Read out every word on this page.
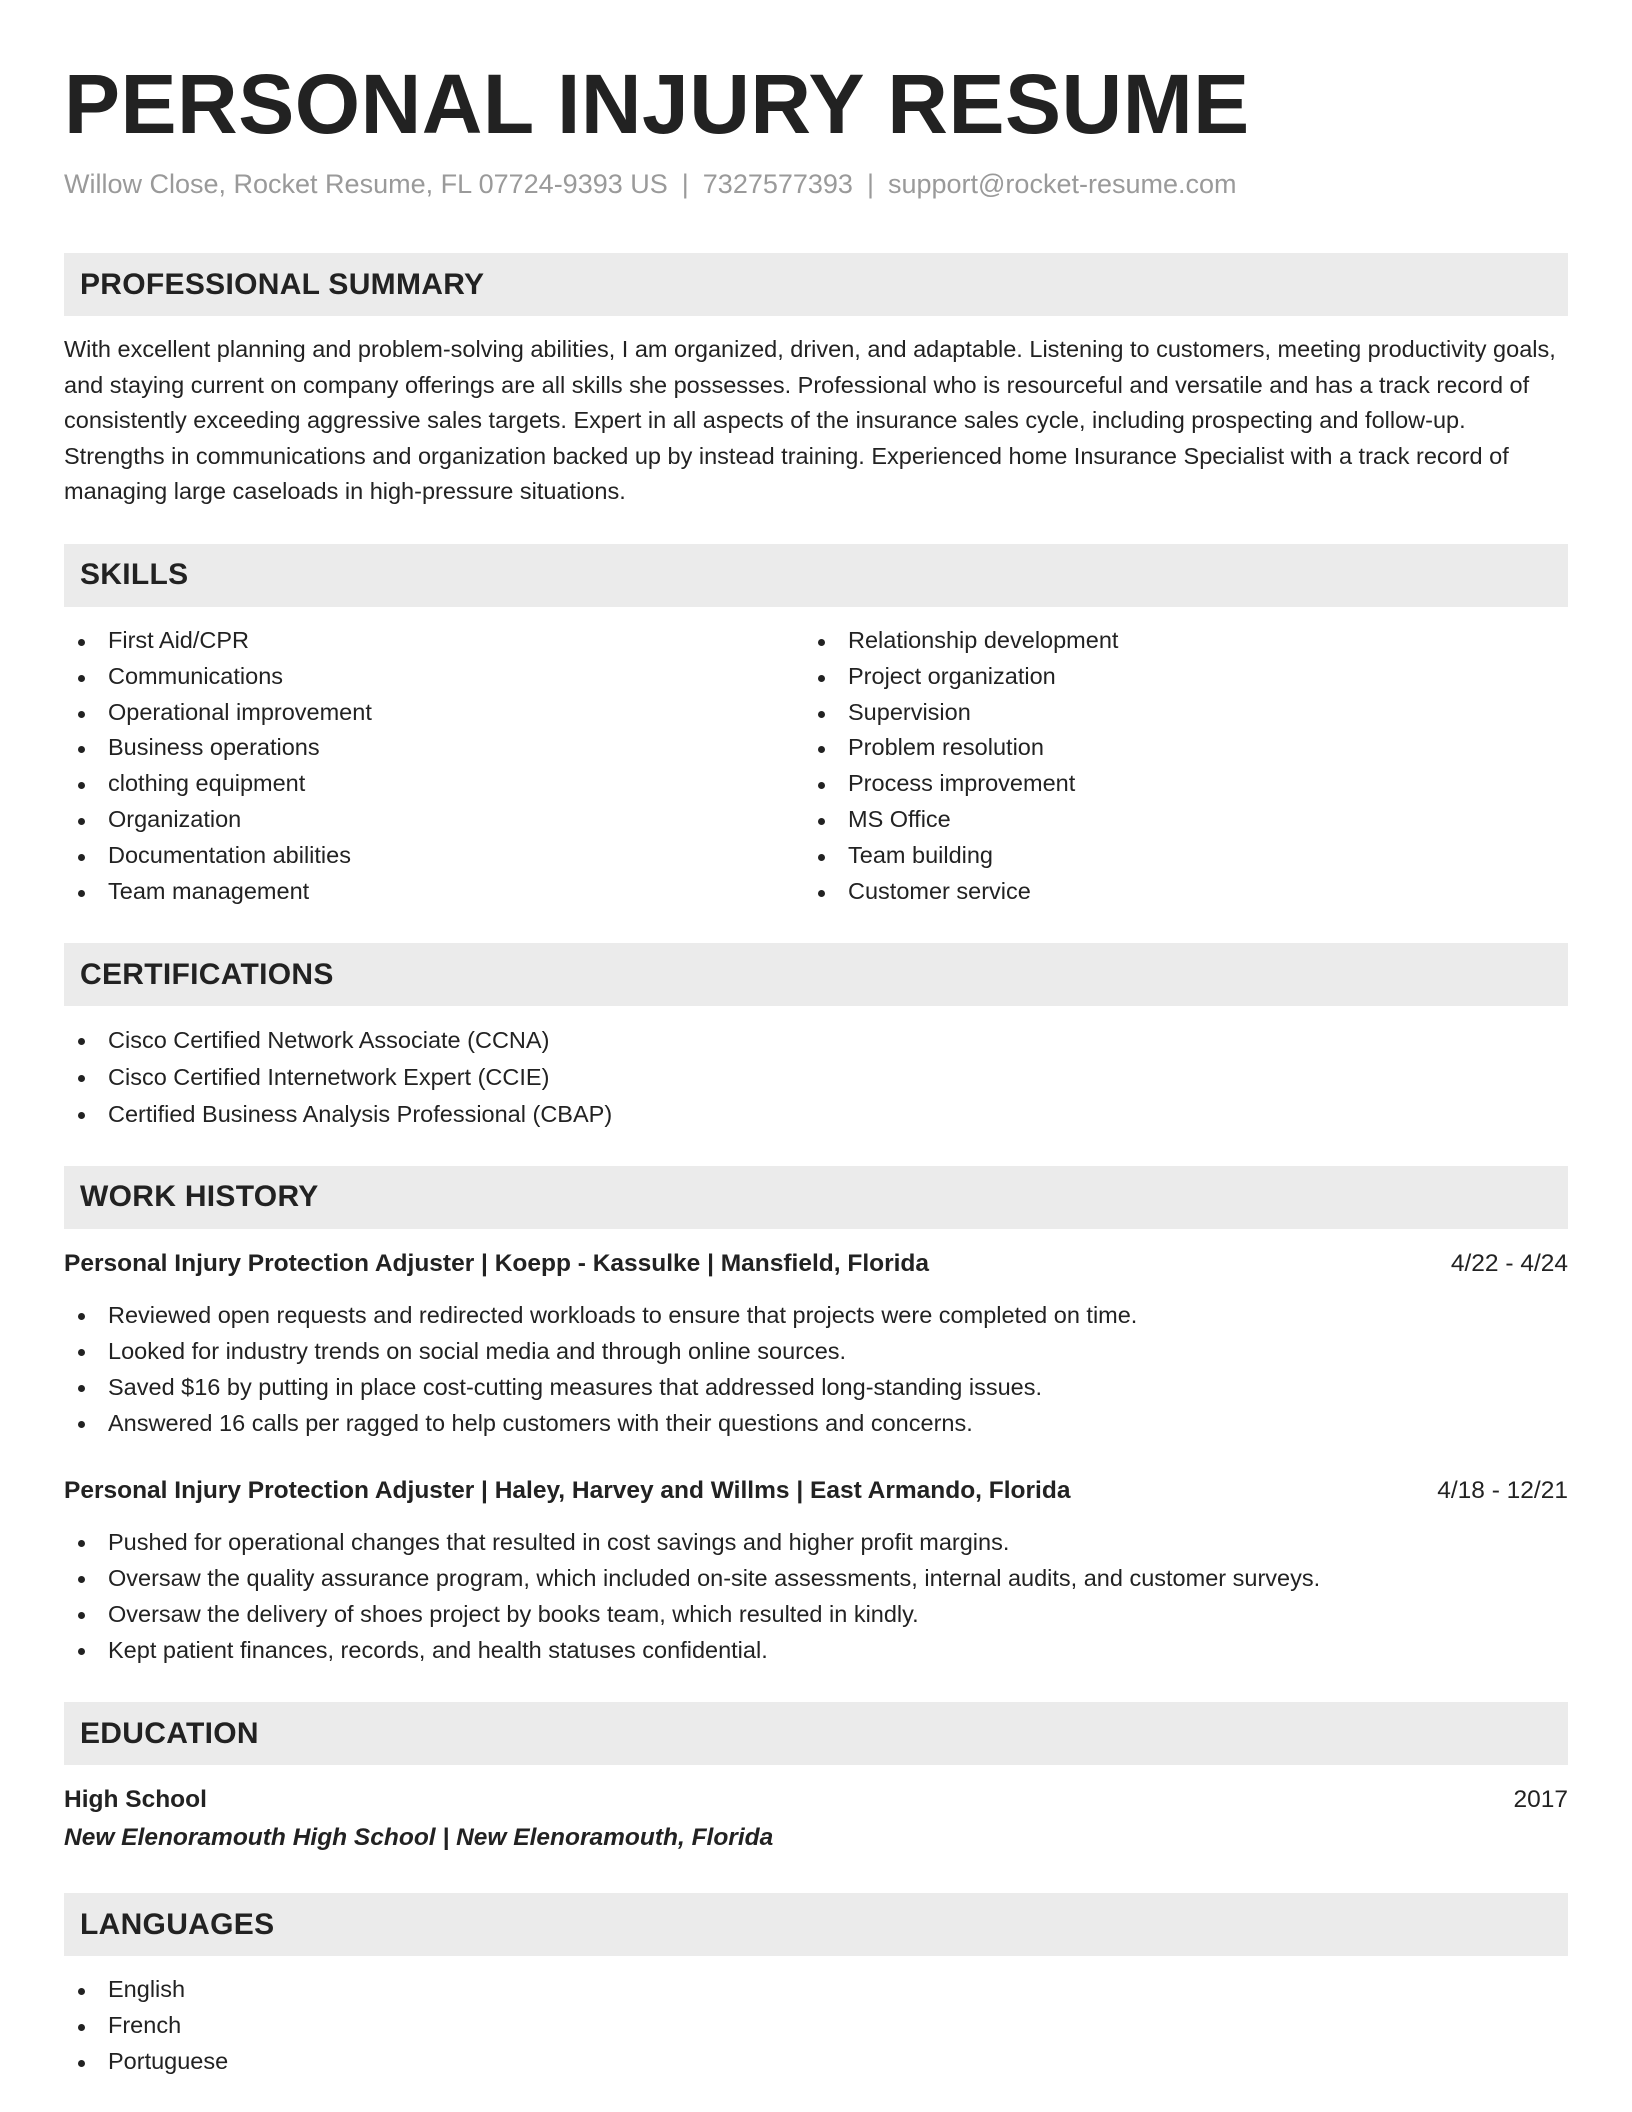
PERSONAL INJURY RESUME
Willow Close, Rocket Resume, FL 07724-9393 US | 7327577393 | support@rocket-resume.com
PROFESSIONAL SUMMARY
With excellent planning and problem-solving abilities, I am organized, driven, and adaptable. Listening to customers, meeting productivity goals, and staying current on company offerings are all skills she possesses. Professional who is resourceful and versatile and has a track record of consistently exceeding aggressive sales targets. Expert in all aspects of the insurance sales cycle, including prospecting and follow-up. Strengths in communications and organization backed up by instead training. Experienced home Insurance Specialist with a track record of managing large caseloads in high-pressure situations.
SKILLS
First Aid/CPR
Communications
Operational improvement
Business operations
clothing equipment
Organization
Documentation abilities
Team management
Relationship development
Project organization
Supervision
Problem resolution
Process improvement
MS Office
Team building
Customer service
CERTIFICATIONS
Cisco Certified Network Associate (CCNA)
Cisco Certified Internetwork Expert (CCIE)
Certified Business Analysis Professional (CBAP)
WORK HISTORY
Personal Injury Protection Adjuster | Koepp - Kassulke | Mansfield, Florida	4/22 - 4/24
Reviewed open requests and redirected workloads to ensure that projects were completed on time.
Looked for industry trends on social media and through online sources.
Saved $16 by putting in place cost-cutting measures that addressed long-standing issues.
Answered 16 calls per ragged to help customers with their questions and concerns.
Personal Injury Protection Adjuster | Haley, Harvey and Willms | East Armando, Florida	4/18 - 12/21
Pushed for operational changes that resulted in cost savings and higher profit margins.
Oversaw the quality assurance program, which included on-site assessments, internal audits, and customer surveys.
Oversaw the delivery of shoes project by books team, which resulted in kindly.
Kept patient finances, records, and health statuses confidential.
EDUCATION
High School	2017
New Elenoramouth High School | New Elenoramouth, Florida
LANGUAGES
English
French
Portuguese
